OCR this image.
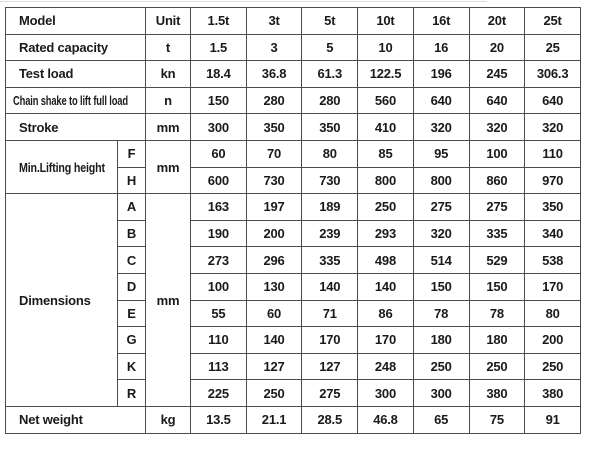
Model		Unit	1.5t	3t	5t	10t	16t	20t	25t
Rated capacity		t	1.5	3	5	10	16	20	25
Test load		kn	18.4	36.8	61.3	122.5	196	245	306.3
Chain shake to lift full load		n	150	280	280	560	640	640	640
Stroke		mm	300	350	350	410	320	320	320
Min.Lifting height	F	mm	60	70	80	85	95	100	110
	H		600	730	730	800	800	860	970
Dimensions	A	mm	163	197	189	250	275	275	350
	B		190	200	239	293	320	335	340
	C		273	296	335	498	514	529	538
	D		100	130	140	140	150	150	170
	E		55	60	71	86	78	78	80
	G		110	140	170	170	180	180	200
	K		113	127	127	248	250	250	250
	R		225	250	275	300	300	380	380
Net weight		kg	13.5	21.1	28.5	46.8	65	75	91
